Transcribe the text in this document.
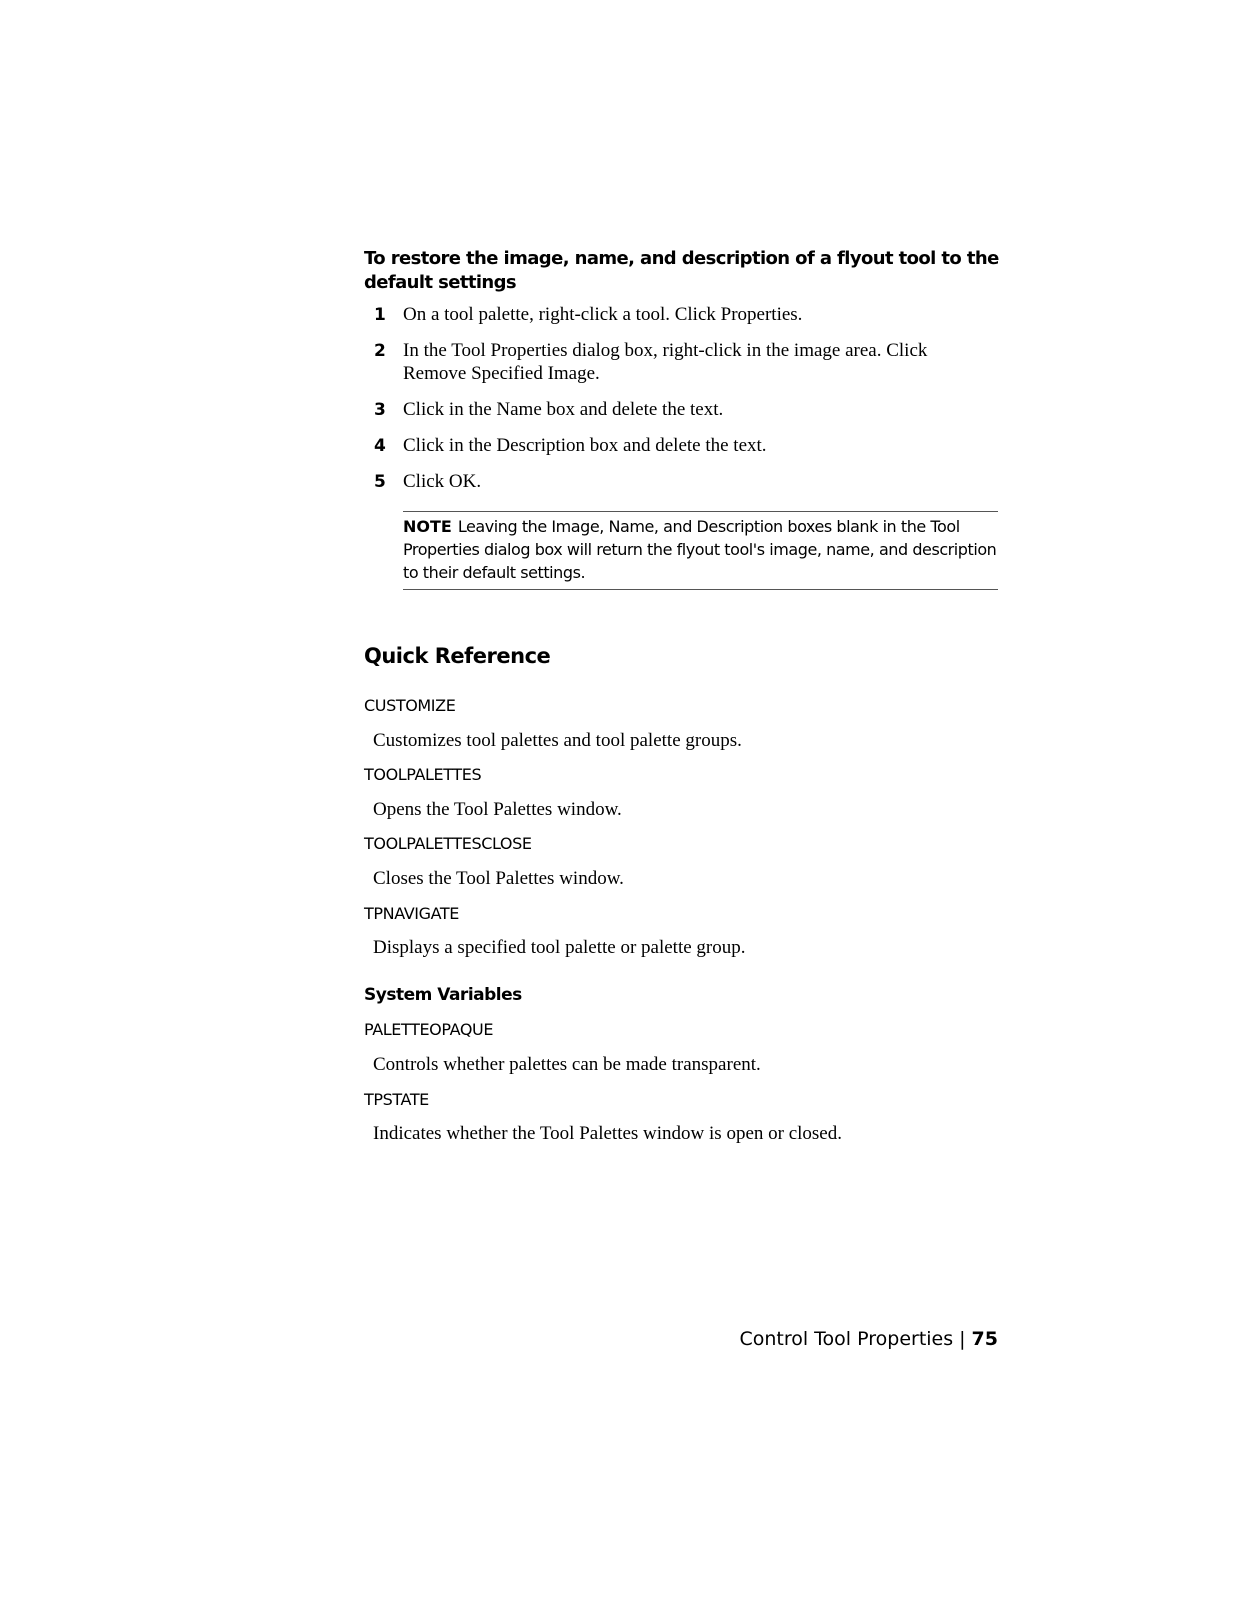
To restore the image, name, and description of a flyout tool to the default settings
1 On a tool palette, right-click a tool. Click Properties.
2 In the Tool Properties dialog box, right-click in the image area. Click Remove Specified Image.
3 Click in the Name box and delete the text.
4 Click in the Description box and delete the text.
5 Click OK.
NOTE Leaving the Image, Name, and Description boxes blank in the Tool Properties dialog box will return the flyout tool's image, name, and description to their default settings.
Quick Reference
CUSTOMIZE
Customizes tool palettes and tool palette groups.
TOOLPALETTES
Opens the Tool Palettes window.
TOOLPALETTESCLOSE
Closes the Tool Palettes window.
TPNAVIGATE
Displays a specified tool palette or palette group.
System Variables
PALETTEOPAQUE
Controls whether palettes can be made transparent.
TPSTATE
Indicates whether the Tool Palettes window is open or closed.
Control Tool Properties | 75
